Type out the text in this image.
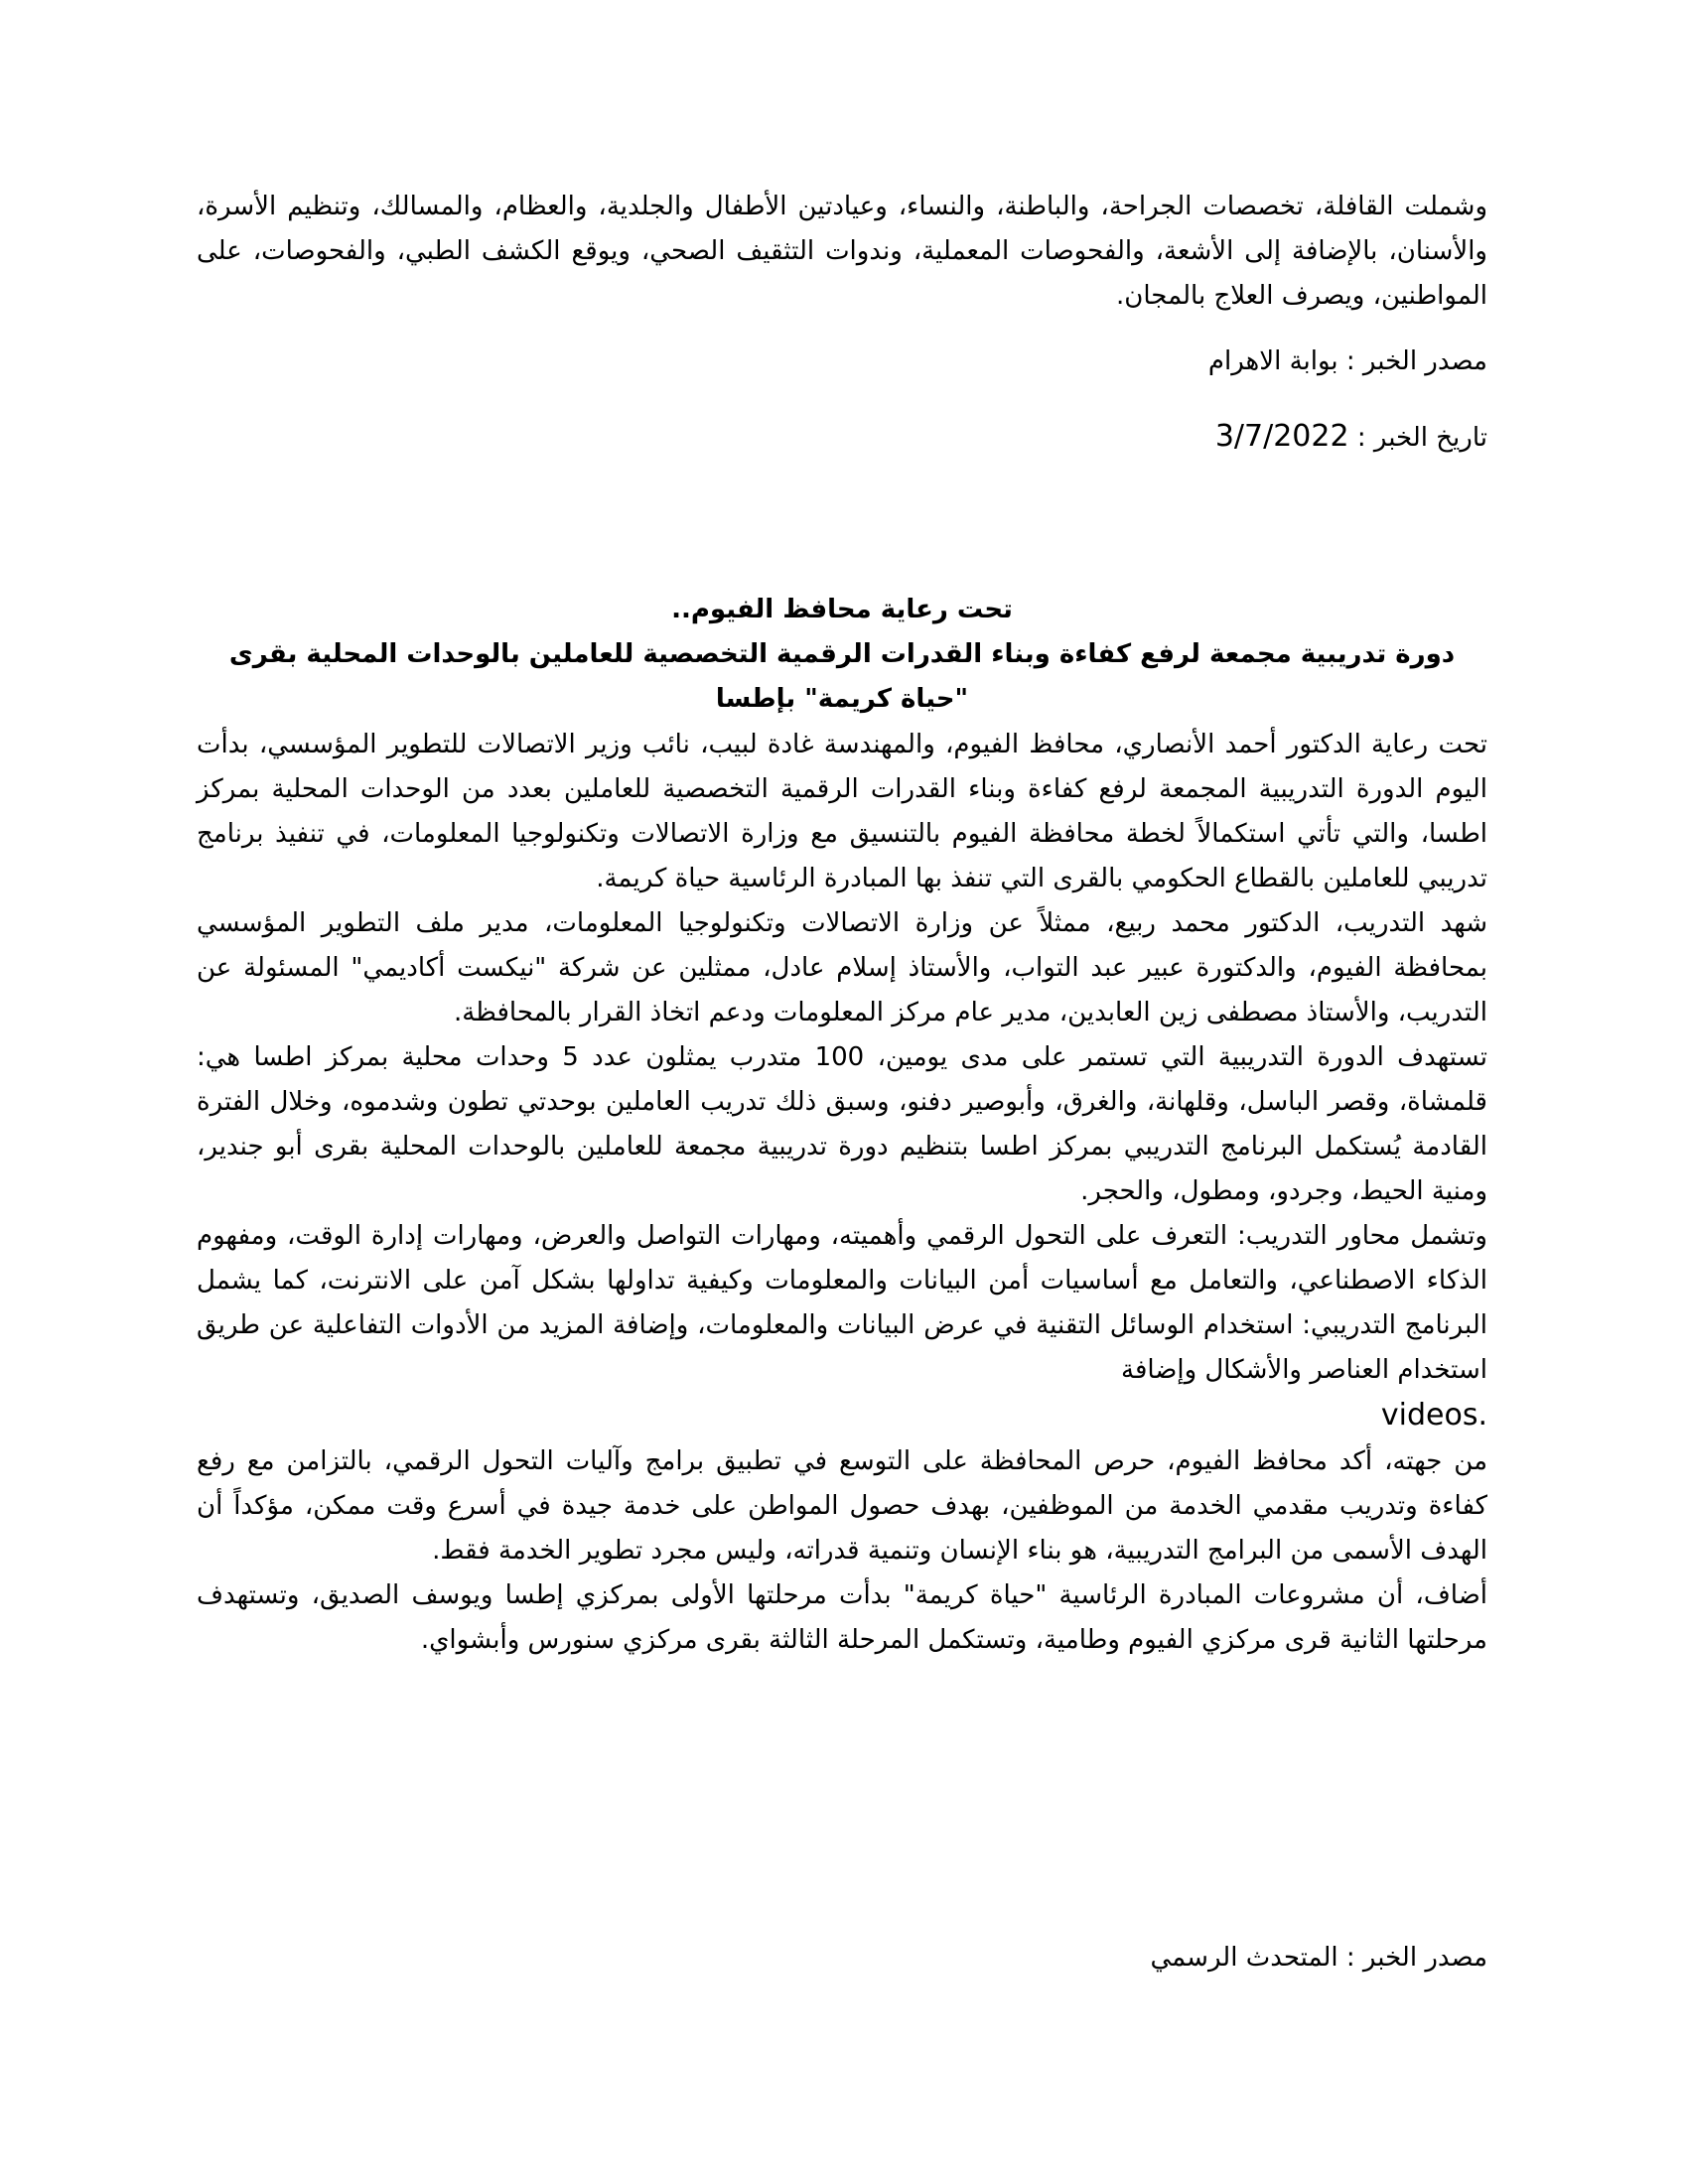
وشملت القافلة، تخصصات الجراحة، والباطنة، والنساء، وعيادتين الأطفال والجلدية، والعظام، والمسالك، وتنظيم الأسرة، والأسنان، بالإضافة إلى الأشعة، والفحوصات المعملية، وندوات التثقيف الصحي، ويوقع الكشف الطبي، والفحوصات، على المواطنين، ويصرف العلاج بالمجان.

مصدر الخبر : بوابة الاهرام

تاريخ الخبر : 3/7/2022

تحت رعاية محافظ الفيوم..

دورة تدريبية مجمعة لرفع كفاءة وبناء القدرات الرقمية التخصصية للعاملين بالوحدات المحلية بقرى

"حياة كريمة" بإطسا

تحت رعاية الدكتور أحمد الأنصاري، محافظ الفيوم، والمهندسة غادة لبيب، نائب وزير الاتصالات للتطوير المؤسسي، بدأت اليوم الدورة التدريبية المجمعة لرفع كفاءة وبناء القدرات الرقمية التخصصية للعاملين بعدد من الوحدات المحلية بمركز اطسا، والتي تأتي استكمالاً لخطة محافظة الفيوم بالتنسيق مع وزارة الاتصالات وتكنولوجيا المعلومات، في تنفيذ برنامج تدريبي للعاملين بالقطاع الحكومي بالقرى التي تنفذ بها المبادرة الرئاسية حياة كريمة.

شهد التدريب، الدكتور محمد ربيع، ممثلاً عن وزارة الاتصالات وتكنولوجيا المعلومات، مدير ملف التطوير المؤسسي بمحافظة الفيوم، والدكتورة عبير عبد التواب، والأستاذ إسلام عادل، ممثلين عن شركة "نيكست أكاديمي" المسئولة عن التدريب، والأستاذ مصطفى زين العابدين، مدير عام مركز المعلومات ودعم اتخاذ القرار بالمحافظة.

تستهدف الدورة التدريبية التي تستمر على مدى يومين، 100 متدرب يمثلون عدد 5 وحدات محلية بمركز اطسا هي: قلمشاة، وقصر الباسل، وقلهانة، والغرق، وأبوصير دفنو، وسبق ذلك تدريب العاملين بوحدتي تطون وشدموه، وخلال الفترة القادمة يُستكمل البرنامج التدريبي بمركز اطسا بتنظيم دورة تدريبية مجمعة للعاملين بالوحدات المحلية بقرى أبو جندير، ومنية الحيط، وجردو، ومطول، والحجر.

وتشمل محاور التدريب: التعرف على التحول الرقمي وأهميته، ومهارات التواصل والعرض، ومهارات إدارة الوقت، ومفهوم الذكاء الاصطناعي، والتعامل مع أساسيات أمن البيانات والمعلومات وكيفية تداولها بشكل آمن على الانترنت، كما يشمل البرنامج التدريبي: استخدام الوسائل التقنية في عرض البيانات والمعلومات، وإضافة المزيد من الأدوات التفاعلية عن طريق استخدام العناصر والأشكال وإضافة

videos.

من جهته، أكد محافظ الفيوم، حرص المحافظة على التوسع في تطبيق برامج وآليات التحول الرقمي، بالتزامن مع رفع كفاءة وتدريب مقدمي الخدمة من الموظفين، بهدف حصول المواطن على خدمة جيدة في أسرع وقت ممكن، مؤكداً أن الهدف الأسمى من البرامج التدريبية، هو بناء الإنسان وتنمية قدراته، وليس مجرد تطوير الخدمة فقط.

أضاف، أن مشروعات المبادرة الرئاسية "حياة كريمة" بدأت مرحلتها الأولى بمركزي إطسا ويوسف الصديق، وتستهدف مرحلتها الثانية قرى مركزي الفيوم وطامية، وتستكمل المرحلة الثالثة بقرى مركزي سنورس وأبشواي.

مصدر الخبر : المتحدث الرسمي
